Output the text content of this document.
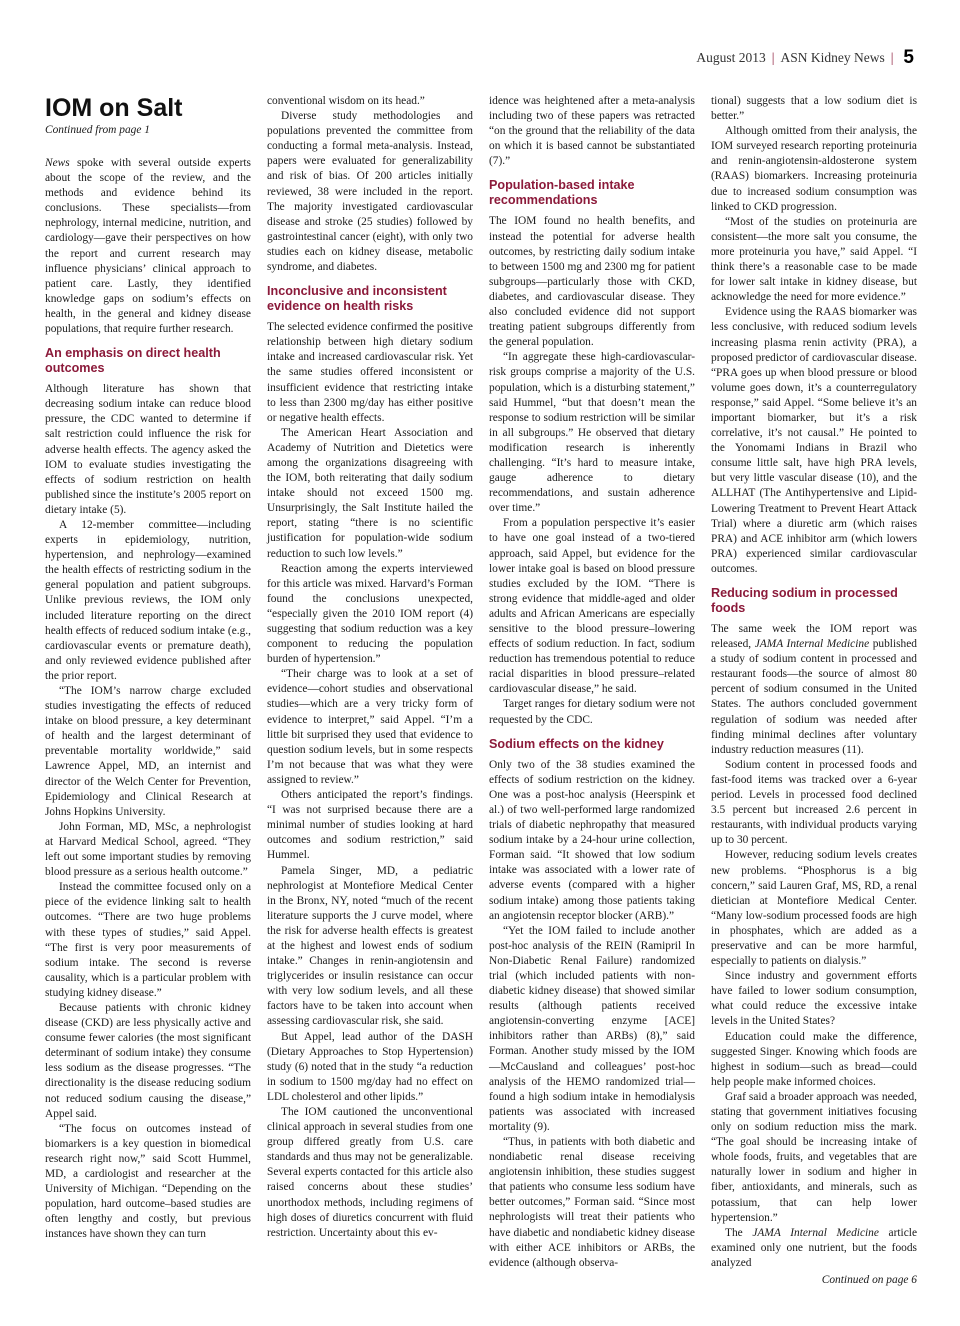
August 2013 | ASN Kidney News | 5
IOM on Salt
Continued from page 1

News spoke with several outside experts about the scope of the review, and the methods and evidence behind its conclusions. These specialists—from nephrology, internal medicine, nutrition, and cardiology—gave their perspectives on how the report and current research may influence physicians’ clinical approach to patient care. Lastly, they identified knowledge gaps on sodium’s effects on health, in the general and kidney disease populations, that require further research.

An emphasis on direct health outcomes

Although literature has shown that decreasing sodium intake can reduce blood pressure, the CDC wanted to determine if salt restriction could influence the risk for adverse health effects. The agency asked the IOM to evaluate studies investigating the effects of sodium restriction on health published since the institute’s 2005 report on dietary intake (5).

A 12-member committee—including experts in epidemiology, nutrition, hypertension, and nephrology—examined the health effects of restricting sodium in the general population and patient subgroups. Unlike previous reviews, the IOM only included literature reporting on the direct health effects of reduced sodium intake (e.g., cardiovascular events or premature death), and only reviewed evidence published after the prior report.

“The IOM’s narrow charge excluded studies investigating the effects of reduced intake on blood pressure, a key determinant of health and the largest determinant of preventable mortality worldwide,” said Lawrence Appel, MD, an internist and director of the Welch Center for Prevention, Epidemiology and Clinical Research at Johns Hopkins University.

John Forman, MD, MSc, a nephrologist at Harvard Medical School, agreed. “They left out some important studies by removing blood pressure as a serious health outcome.”

Instead the committee focused only on a piece of the evidence linking salt to health outcomes. “There are two huge problems with these types of studies,” said Appel. “The first is very poor measurements of sodium intake. The second is reverse causality, which is a particular problem with studying kidney disease.”

Because patients with chronic kidney disease (CKD) are less physically active and consume fewer calories (the most significant determinant of sodium intake) they consume less sodium as the disease progresses. “The directionality is the disease reducing sodium not reduced sodium causing the disease,” Appel said.

“The focus on outcomes instead of biomarkers is a key question in biomedical research right now,” said Scott Hummel, MD, a cardiologist and researcher at the University of Michigan. “Depending on the population, hard outcome–based studies are often lengthy and costly, but previous instances have shown they can turn

conventional wisdom on its head.”

Diverse study methodologies and populations prevented the committee from conducting a formal meta-analysis. Instead, papers were evaluated for generalizability and risk of bias. Of 200 articles initially reviewed, 38 were included in the report. The majority investigated cardiovascular disease and stroke (25 studies) followed by gastrointestinal cancer (eight), with only two studies each on kidney disease, metabolic syndrome, and diabetes.

Inconclusive and inconsistent evidence on health risks

The selected evidence confirmed the positive relationship between high dietary sodium intake and increased cardiovascular risk. Yet the same studies offered inconsistent or insufficient evidence that restricting intake to less than 2300 mg/day has either positive or negative health effects.

The American Heart Association and Academy of Nutrition and Dietetics were among the organizations disagreeing with the IOM, both reiterating that daily sodium intake should not exceed 1500 mg. Unsurprisingly, the Salt Institute hailed the report, stating “there is no scientific justification for population-wide sodium reduction to such low levels.”

Reaction among the experts interviewed for this article was mixed. Harvard’s Forman found the conclusions unexpected, “especially given the 2010 IOM report (4) suggesting that sodium reduction was a key component to reducing the population burden of hypertension.”

“Their charge was to look at a set of evidence—cohort studies and observational studies—which are a very tricky form of evidence to interpret,” said Appel. “I’m a little bit surprised they used that evidence to question sodium levels, but in some respects I’m not because that was what they were assigned to review.”

Others anticipated the report’s findings. “I was not surprised because there are a minimal number of studies looking at hard outcomes and sodium restriction,” said Hummel.

Pamela Singer, MD, a pediatric nephrologist at Montefiore Medical Center in the Bronx, NY, noted “much of the recent literature supports the J curve model, where the risk for adverse health effects is greatest at the highest and lowest ends of sodium intake.” Changes in renin-angiotensin and triglycerides or insulin resistance can occur with very low sodium levels, and all these factors have to be taken into account when assessing cardiovascular risk, she said.

But Appel, lead author of the DASH (Dietary Approaches to Stop Hypertension) study (6) noted that in the study “a reduction in sodium to 1500 mg/day had no effect on LDL cholesterol and other lipids.”

The IOM cautioned the unconventional clinical approach in several studies from one group differed greatly from U.S. care standards and thus may not be generalizable. Several experts contacted for this article also raised concerns about these studies’ unorthodox methods, including regimens of high doses of diuretics concurrent with fluid restriction. Uncertainty about this ev-

idence was heightened after a meta-analysis including two of these papers was retracted “on the ground that the reliability of the data on which it is based cannot be substantiated (7).”

Population-based intake recommendations

The IOM found no health benefits, and instead the potential for adverse health outcomes, by restricting daily sodium intake to between 1500 mg and 2300 mg for patient subgroups—particularly those with CKD, diabetes, and cardiovascular disease. They also concluded evidence did not support treating patient subgroups differently from the general population.

“In aggregate these high-cardiovascular-risk groups comprise a majority of the U.S. population, which is a disturbing statement,” said Hummel, “but that doesn’t mean the response to sodium restriction will be similar in all subgroups.” He observed that dietary modification research is inherently challenging. “It’s hard to measure intake, gauge adherence to dietary recommendations, and sustain adherence over time.”

From a population perspective it’s easier to have one goal instead of a two-tiered approach, said Appel, but evidence for the lower intake goal is based on blood pressure studies excluded by the IOM. “There is strong evidence that middle-aged and older adults and African Americans are especially sensitive to the blood pressure–lowering effects of sodium reduction. In fact, sodium reduction has tremendous potential to reduce racial disparities in blood pressure–related cardiovascular disease,” he said.

Target ranges for dietary sodium were not requested by the CDC.

Sodium effects on the kidney

Only two of the 38 studies examined the effects of sodium restriction on the kidney. One was a post-hoc analysis (Heerspink et al.) of two well-performed large randomized trials of diabetic nephropathy that measured sodium intake by a 24-hour urine collection, Forman said. “It showed that low sodium intake was associated with a lower rate of adverse events (compared with a higher sodium intake) among those patients taking an angiotensin receptor blocker (ARB).”

“Yet the IOM failed to include another post-hoc analysis of the REIN (Ramipril In Non-Diabetic Renal Failure) randomized trial (which included patients with non-diabetic kidney disease) that showed similar results (although patients received angiotensin-converting enzyme [ACE] inhibitors rather than ARBs) (8),” said Forman. Another study missed by the IOM—McCausland and colleagues’ post-hoc analysis of the HEMO randomized trial—found a high sodium intake in hemodialysis patients was associated with increased mortality (9).

“Thus, in patients with both diabetic and nondiabetic renal disease receiving angiotensin inhibition, these studies suggest that patients who consume less sodium have better outcomes,” Forman said. “Since most nephrologists will treat their patients who have diabetic and nondiabetic kidney disease with either ACE inhibitors or ARBs, the evidence (although observa-

tional) suggests that a low sodium diet is better.”

Although omitted from their analysis, the IOM surveyed research reporting proteinuria and renin-angiotensin-aldosterone system (RAAS) biomarkers. Increasing proteinuria due to increased sodium consumption was linked to CKD progression.

“Most of the studies on proteinuria are consistent—the more salt you consume, the more proteinuria you have,” said Appel. “I think there’s a reasonable case to be made for lower salt intake in kidney disease, but acknowledge the need for more evidence.”

Evidence using the RAAS biomarker was less conclusive, with reduced sodium levels increasing plasma renin activity (PRA), a proposed predictor of cardiovascular disease. “PRA goes up when blood pressure or blood volume goes down, it’s a counterregulatory response,” said Appel. “Some believe it’s an important biomarker, but it’s a risk correlative, it’s not causal.” He pointed to the Yonomami Indians in Brazil who consume little salt, have high PRA levels, but very little vascular disease (10), and the ALLHAT (The Antihypertensive and Lipid-Lowering Treatment to Prevent Heart Attack Trial) where a diuretic arm (which raises PRA) and ACE inhibitor arm (which lowers PRA) experienced similar cardiovascular outcomes.

Reducing sodium in processed foods

The same week the IOM report was released, JAMA Internal Medicine published a study of sodium content in processed and restaurant foods—the source of almost 80 percent of sodium consumed in the United States. The authors concluded government regulation of sodium was needed after finding minimal declines after voluntary industry reduction measures (11).

Sodium content in processed foods and fast-food items was tracked over a 6-year period. Levels in processed food declined 3.5 percent but increased 2.6 percent in restaurants, with individual products varying up to 30 percent.

However, reducing sodium levels creates new problems. “Phosphorus is a big concern,” said Lauren Graf, MS, RD, a renal dietician at Montefiore Medical Center. “Many low-sodium processed foods are high in phosphates, which are added as a preservative and can be more harmful, especially to patients on dialysis.”

Since industry and government efforts have failed to lower sodium consumption, what could reduce the excessive intake levels in the United States?

Education could make the difference, suggested Singer. Knowing which foods are highest in sodium—such as bread—could help people make informed choices.

Graf said a broader approach was needed, stating that government initiatives focusing only on sodium reduction miss the mark. “The goal should be increasing intake of whole foods, fruits, and vegetables that are naturally lower in sodium and higher in fiber, antioxidants, and minerals, such as potassium, that can help lower hypertension.”

The JAMA Internal Medicine article examined only one nutrient, but the foods analyzed

Continued on page 6
